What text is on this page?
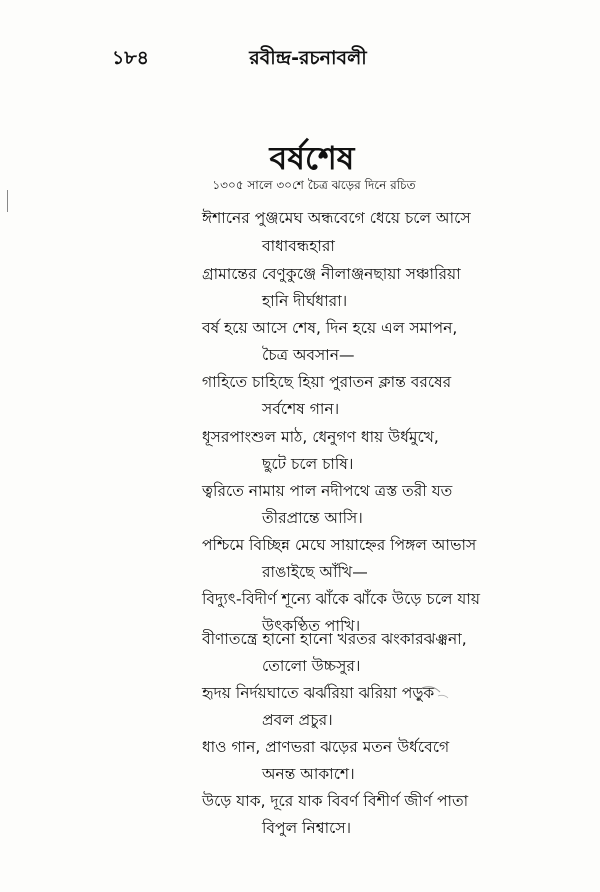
১৮৪	রবীন্দ্র-রচনাবলী
বর্ষশেষ
১৩০৫ সালে ৩০শে চৈত্র ঝড়ের দিনে রচিত
ঈশানের পুঞ্জমেঘ অন্ধবেগে ধেয়ে চলে আসে
বাধাবন্ধহারা
গ্রামান্তের বেণুকুঞ্জে নীলাঞ্জনছায়া সঞ্চারিয়া
হানি দীর্ঘধারা।
বর্ষ হয়ে আসে শেষ, দিন হয়ে এল সমাপন,
চৈত্র অবসান—
গাহিতে চাহিছে হিয়া পুরাতন ক্লান্ত বরষের
সর্বশেষ গান।
ধূসরপাংশুল মাঠ, ধেনুগণ ধায় উর্ধমুখে,
ছুটে চলে চাষি।
ত্বরিতে নামায় পাল নদীপথে ত্রস্ত তরী যত
তীরপ্রান্তে আসি।
পশ্চিমে বিচ্ছিন্ন মেঘে সায়াহ্নের পিঙ্গল আভাস
রাঙাইছে আঁখি—
বিদ্যুৎ-বিদীর্ণ শূন্যে ঝাঁকে ঝাঁকে উড়ে চলে যায়
উৎকণ্ঠিত পাখি।
বীণাতন্ত্রে হানো হানো খরতর ঝংকারঝঞ্ঝনা,
তোলো উচ্চসুর।
হৃদয় নির্দয়ঘাতে ঝর্ঝরিয়া ঝরিয়া পড়ুক
প্রবল প্রচুর।
ধাও গান, প্রাণভরা ঝড়ের মতন উর্ধবেগে
অনন্ত আকাশে।
উড়ে যাক, দূরে যাক বিবর্ণ বিশীর্ণ জীর্ণ পাতা
বিপুল নিশ্বাসে।
